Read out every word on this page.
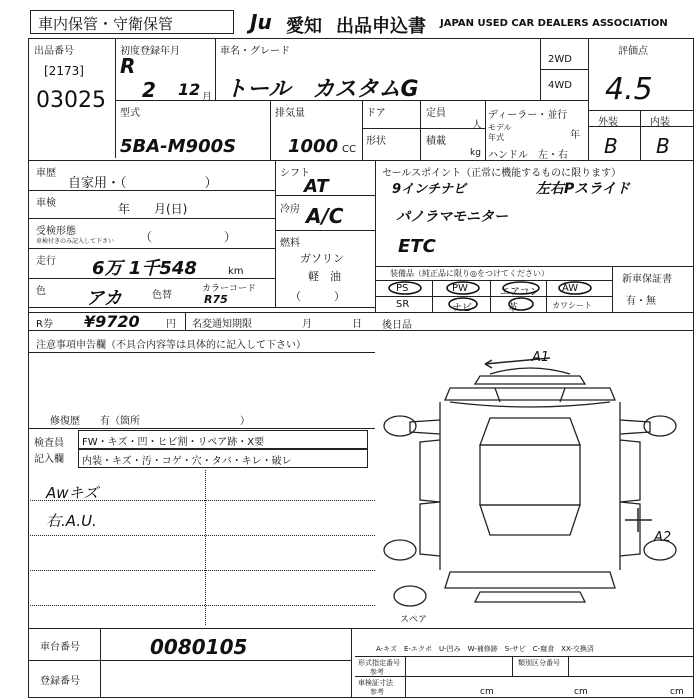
車内保管・守衛保管	Ju 愛知 出品申込書 JAPAN USED CAR DEALERS ASSOCIATION
出品番号
[2173]
03025
初度登録年月
R
2 12 月
車名・グレード
トール　カスタムG
2WD
4WD
評価点
4.5
型式
5BA-M900S
排気量
1000 CC
ドア
形状
定員
人
積載
kg
ディーラー・並行
モデル
年式	年
ハンドル　左・右
外装	内装
B B
車歴
自家用・（　　　　　　）
車検	年　　月(日)
受検形態
車検付きのみ記入して下さい （　　　　　　）
走行 6万 1千548	km
色 アカ	色替
カラーコード
R75
R券 ¥9720	円 名変通知期限	月	日
注意事項申告欄（不具合内容等は具体的に記入して下さい）
修復歴　　有（箇所　　　　　　　　　　）
検査員
記入欄
FW・キズ・凹・ヒビ割・リペア跡・X要
内装・キズ・汚・コゲ・穴・タバ・キレ・破レ
Awキズ
右.A.U.
シフト
AT
冷房 A/C
燃料
ガソリン
軽　油
（　　　）
セールスポイント（正常に機能するものに限ります）
9インチナビ	左右Pスライド
パノラマモニター
ETC
装備品（純正品に限り◎をつけてください）
PS	PW	エアコン AW
SR	ナビ	革	カワシート
新車保証書
有・無
後日品
A1
A2
スペア
車台番号	0080105
登録番号
A-キズ　E-エクボ　U-凹み　W-補修跡　S-サビ　C-腐食　XX-交換済
形式指定番号
参考
類別区分番号
車検証寸法
参考	cm	cm	cm
